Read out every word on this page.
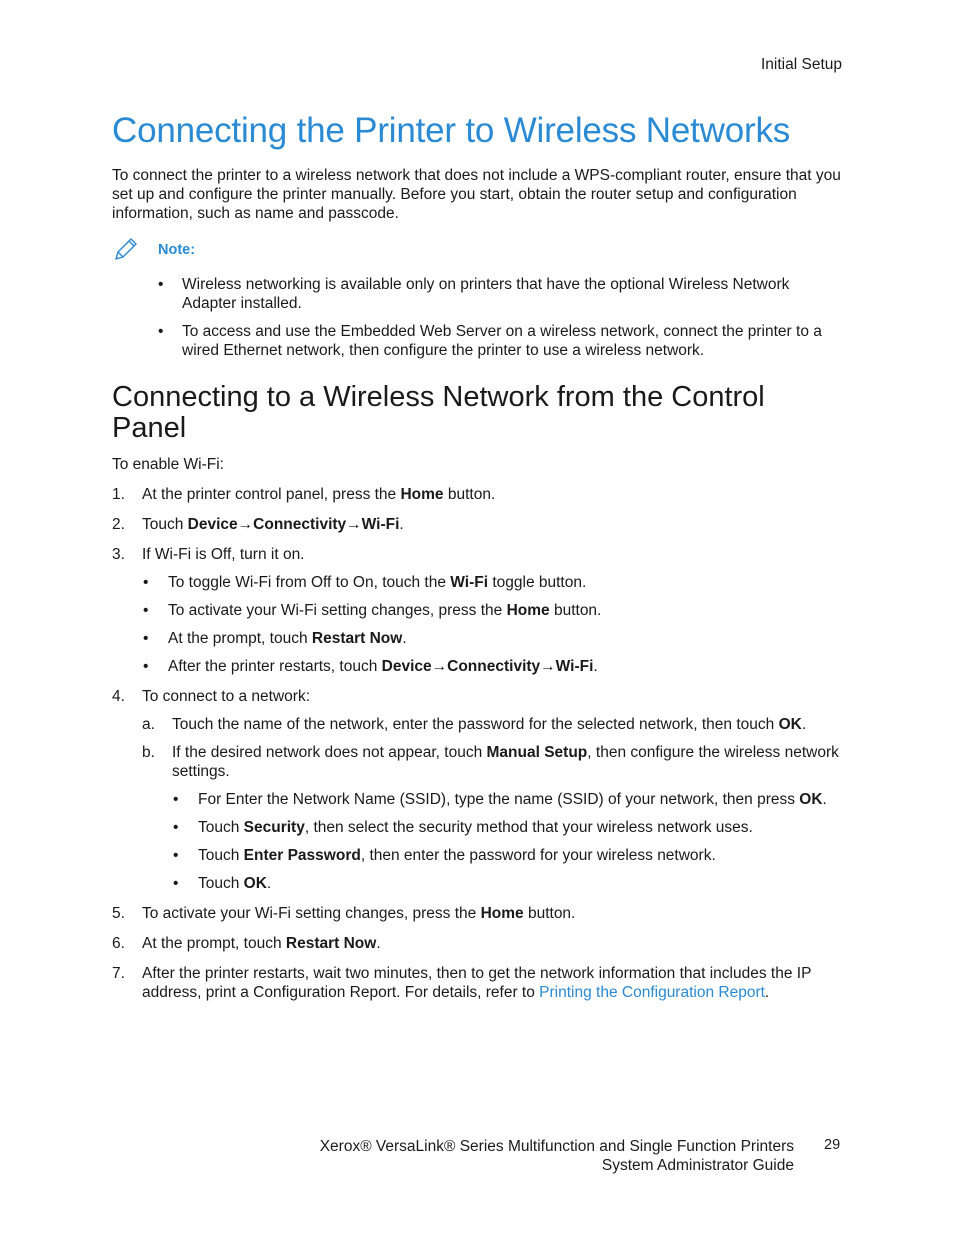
Initial Setup
Connecting the Printer to Wireless Networks

To connect the printer to a wireless network that does not include a WPS-compliant router, ensure that you set up and configure the printer manually. Before you start, obtain the router setup and configuration information, such as name and passcode.

Note:
• Wireless networking is available only on printers that have the optional Wireless Network Adapter installed.
• To access and use the Embedded Web Server on a wireless network, connect the printer to a wired Ethernet network, then configure the printer to use a wireless network.
Connecting to a Wireless Network from the Control Panel

To enable Wi-Fi:

1. At the printer control panel, press the Home button.
2. Touch Device→Connectivity→Wi-Fi.
3. If Wi-Fi is Off, turn it on.
• To toggle Wi-Fi from Off to On, touch the Wi-Fi toggle button.
• To activate your Wi-Fi setting changes, press the Home button.
• At the prompt, touch Restart Now.
• After the printer restarts, touch Device→Connectivity→Wi-Fi.
4. To connect to a network:
a. Touch the name of the network, enter the password for the selected network, then touch OK.
b. If the desired network does not appear, touch Manual Setup, then configure the wireless network settings.
• For Enter the Network Name (SSID), type the name (SSID) of your network, then press OK.
• Touch Security, then select the security method that your wireless network uses.
• Touch Enter Password, then enter the password for your wireless network.
• Touch OK.
5. To activate your Wi-Fi setting changes, press the Home button.
6. At the prompt, touch Restart Now.
7. After the printer restarts, wait two minutes, then to get the network information that includes the IP address, print a Configuration Report. For details, refer to Printing the Configuration Report.
Xerox® VersaLink® Series Multifunction and Single Function Printers
System Administrator Guide
29
